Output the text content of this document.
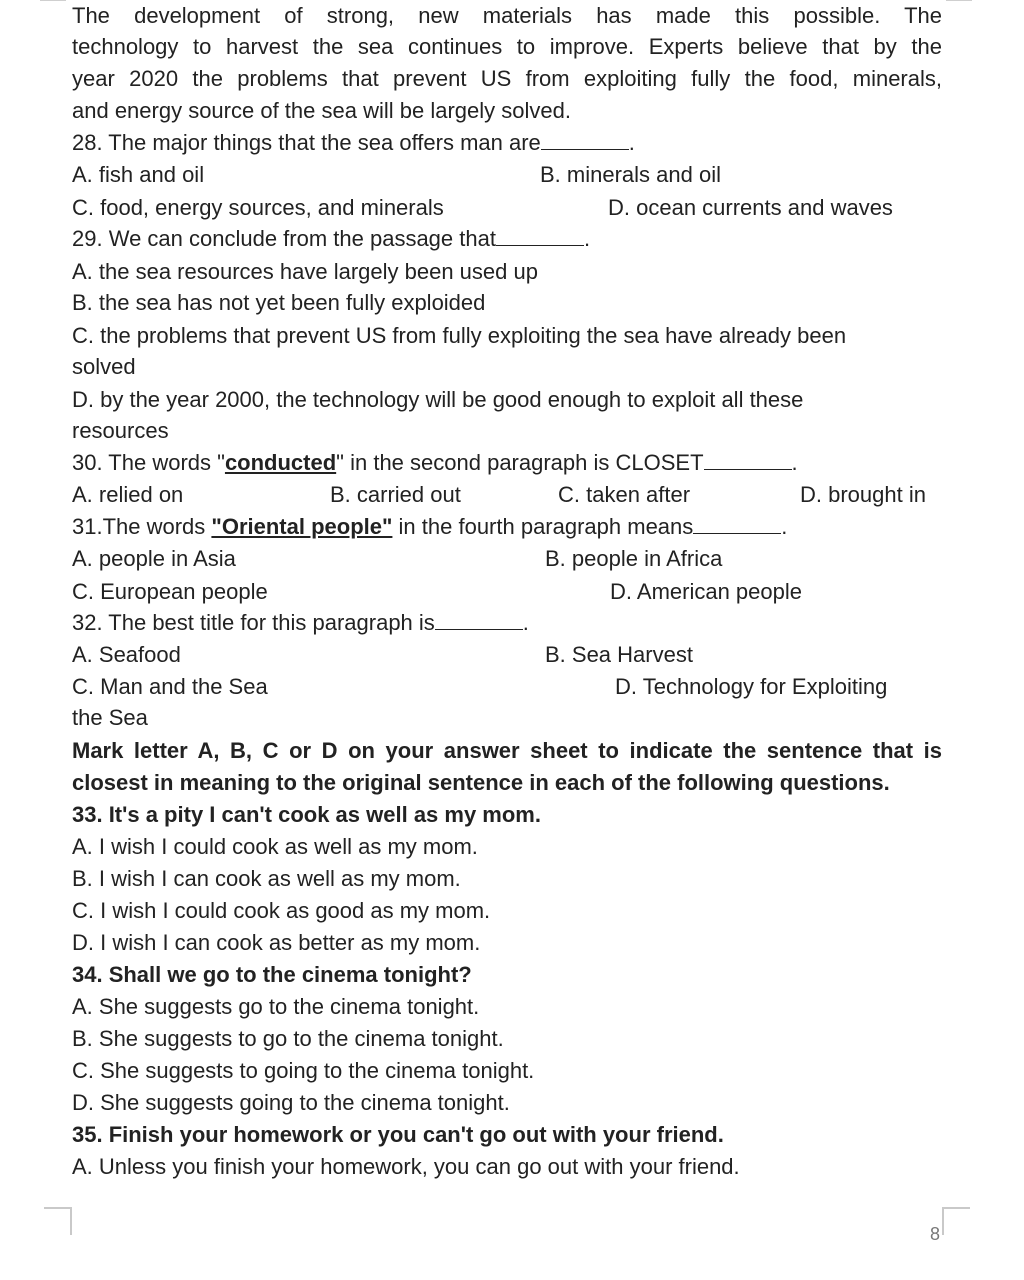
The development of strong, new materials has made this possible. The
technology to harvest the sea continues to improve. Experts believe that by the
year 2020 the problems that prevent US from exploiting fully the food, minerals,
and energy source of the sea will be largely solved.
28. The major things that the sea offers man are	.
A. fish and oil	B. minerals and oil
C. food, energy sources, and minerals	D. ocean currents and waves
29. We can conclude from the passage that	.
A. the sea resources have largely been used up
B. the sea has not yet been fully exploided
C. the problems that prevent US from fully exploiting the sea have already been
solved
D. by the year 2000, the technology will be good enough to exploit all these
resources
30. The words "conducted" in the second paragraph is CLOSET	.
A. relied on	B. carried out	C. taken after	D. brought in
31.The words "Oriental people" in the fourth paragraph means	.
A. people in Asia	B. people in Africa
C. European people	D. American people
32. The best title for this paragraph is	.
A. Seafood	B. Sea Harvest
C. Man and the Sea	D. Technology for Exploiting
the Sea
Mark letter A, B, C or D on your answer sheet to indicate the sentence that is
closest in meaning to the original sentence in each of the following questions.
33. It's a pity I can't cook as well as my mom.
A. I wish I could cook as well as my mom.
B. I wish I can cook as well as my mom.
C. I wish I could cook as good as my mom.
D. I wish I can cook as better as my mom.
34. Shall we go to the cinema tonight?
A. She suggests go to the cinema tonight.
B. She suggests to go to the cinema tonight.
C. She suggests to going to the cinema tonight.
D. She suggests going to the cinema tonight.
35. Finish your homework or you can't go out with your friend.
A. Unless you finish your homework, you can go out with your friend.
8
